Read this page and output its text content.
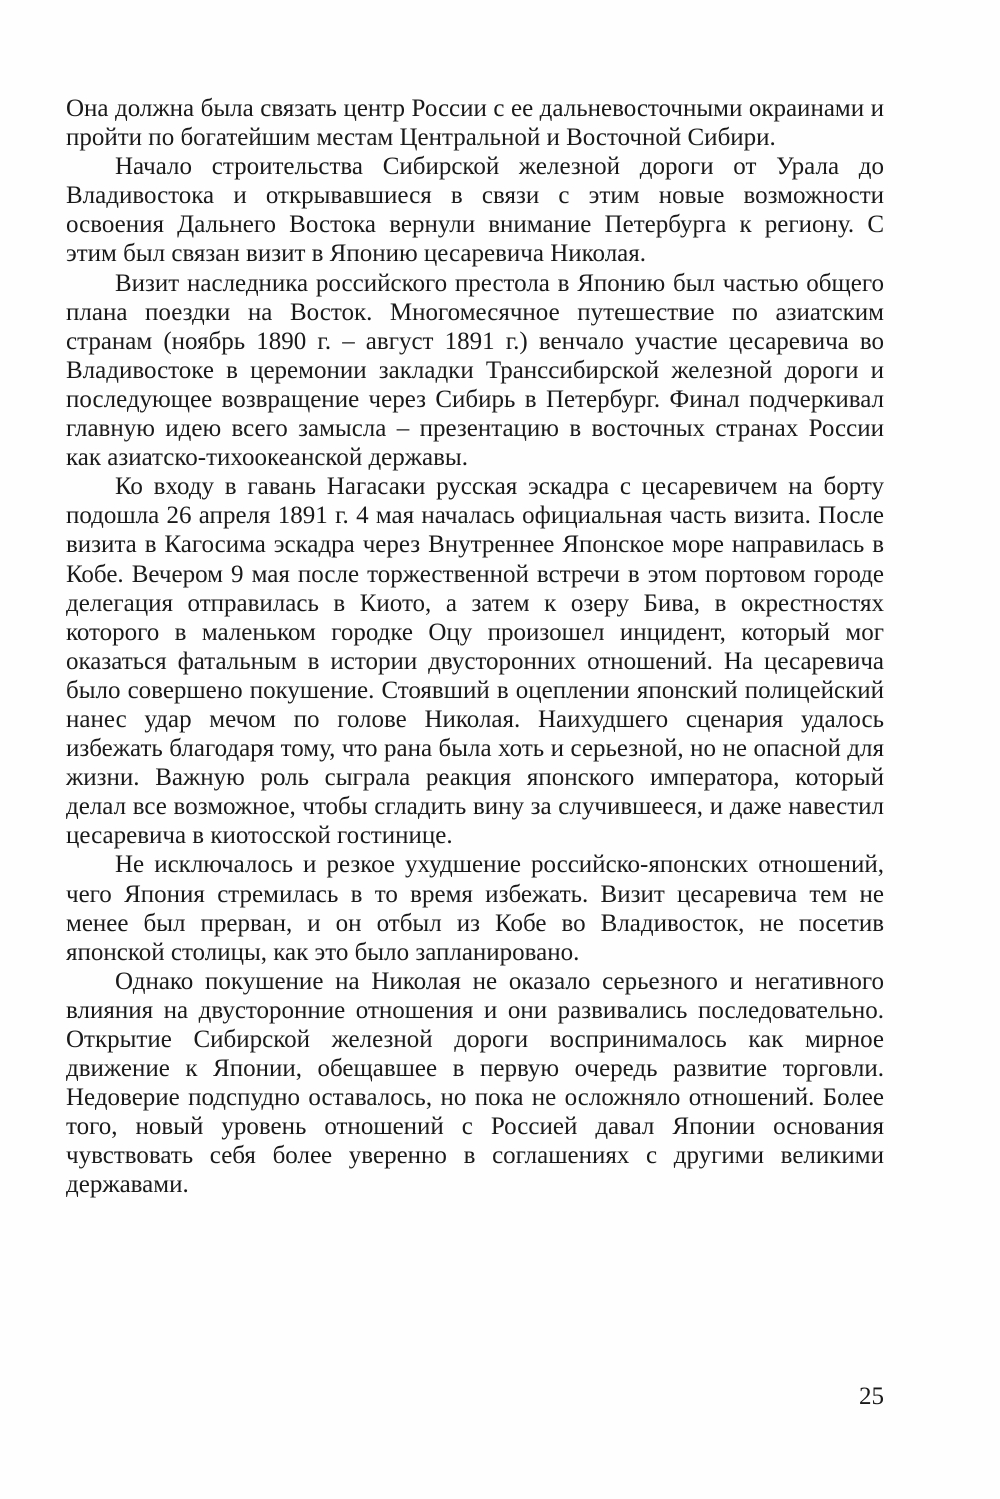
Она должна была связать центр России с ее дальневосточными окраинами и пройти по богатейшим местам Центральной и Восточной Сибири.

Начало строительства Сибирской железной дороги от Урала до Владивостока и открывавшиеся в связи с этим новые возможности освоения Дальнего Востока вернули внимание Петербурга к региону. С этим был связан визит в Японию цесаревича Николая.

Визит наследника российского престола в Японию был частью общего плана поездки на Восток. Многомесячное путешествие по азиатским странам (ноябрь 1890 г. – август 1891 г.) венчало участие цесаревича во Владивостоке в церемонии закладки Транссибирской железной дороги и последующее возвращение через Сибирь в Петербург. Финал подчеркивал главную идею всего замысла – презентацию в восточных странах России как азиатско-тихоокеанской державы.

Ко входу в гавань Нагасаки русская эскадра с цесаревичем на борту подошла 26 апреля 1891 г. 4 мая началась официальная часть визита. После визита в Кагосима эскадра через Внутреннее Японское море направилась в Кобе. Вечером 9 мая после торжественной встречи в этом портовом городе делегация отправилась в Киото, а затем к озеру Бива, в окрестностях которого в маленьком городке Оцу произошел инцидент, который мог оказаться фатальным в истории двусторонних отношений. На цесаревича было совершено покушение. Стоявший в оцеплении японский полицейский нанес удар мечом по голове Николая. Наихудшего сценария удалось избежать благодаря тому, что рана была хоть и серьезной, но не опасной для жизни. Важную роль сыграла реакция японского императора, который делал все возможное, чтобы сгладить вину за случившееся, и даже навестил цесаревича в киотосской гостинице.

Не исключалось и резкое ухудшение российско-японских отношений, чего Япония стремилась в то время избежать. Визит цесаревича тем не менее был прерван, и он отбыл из Кобе во Владивосток, не посетив японской столицы, как это было запланировано.

Однако покушение на Николая не оказало серьезного и негативного влияния на двусторонние отношения и они развивались последовательно. Открытие Сибирской железной дороги воспринималось как мирное движение к Японии, обещавшее в первую очередь развитие торговли. Недоверие подспудно оставалось, но пока не осложняло отношений. Более того, новый уровень отношений с Россией давал Японии основания чувствовать себя более уверенно в соглашениях с другими великими державами.

25
